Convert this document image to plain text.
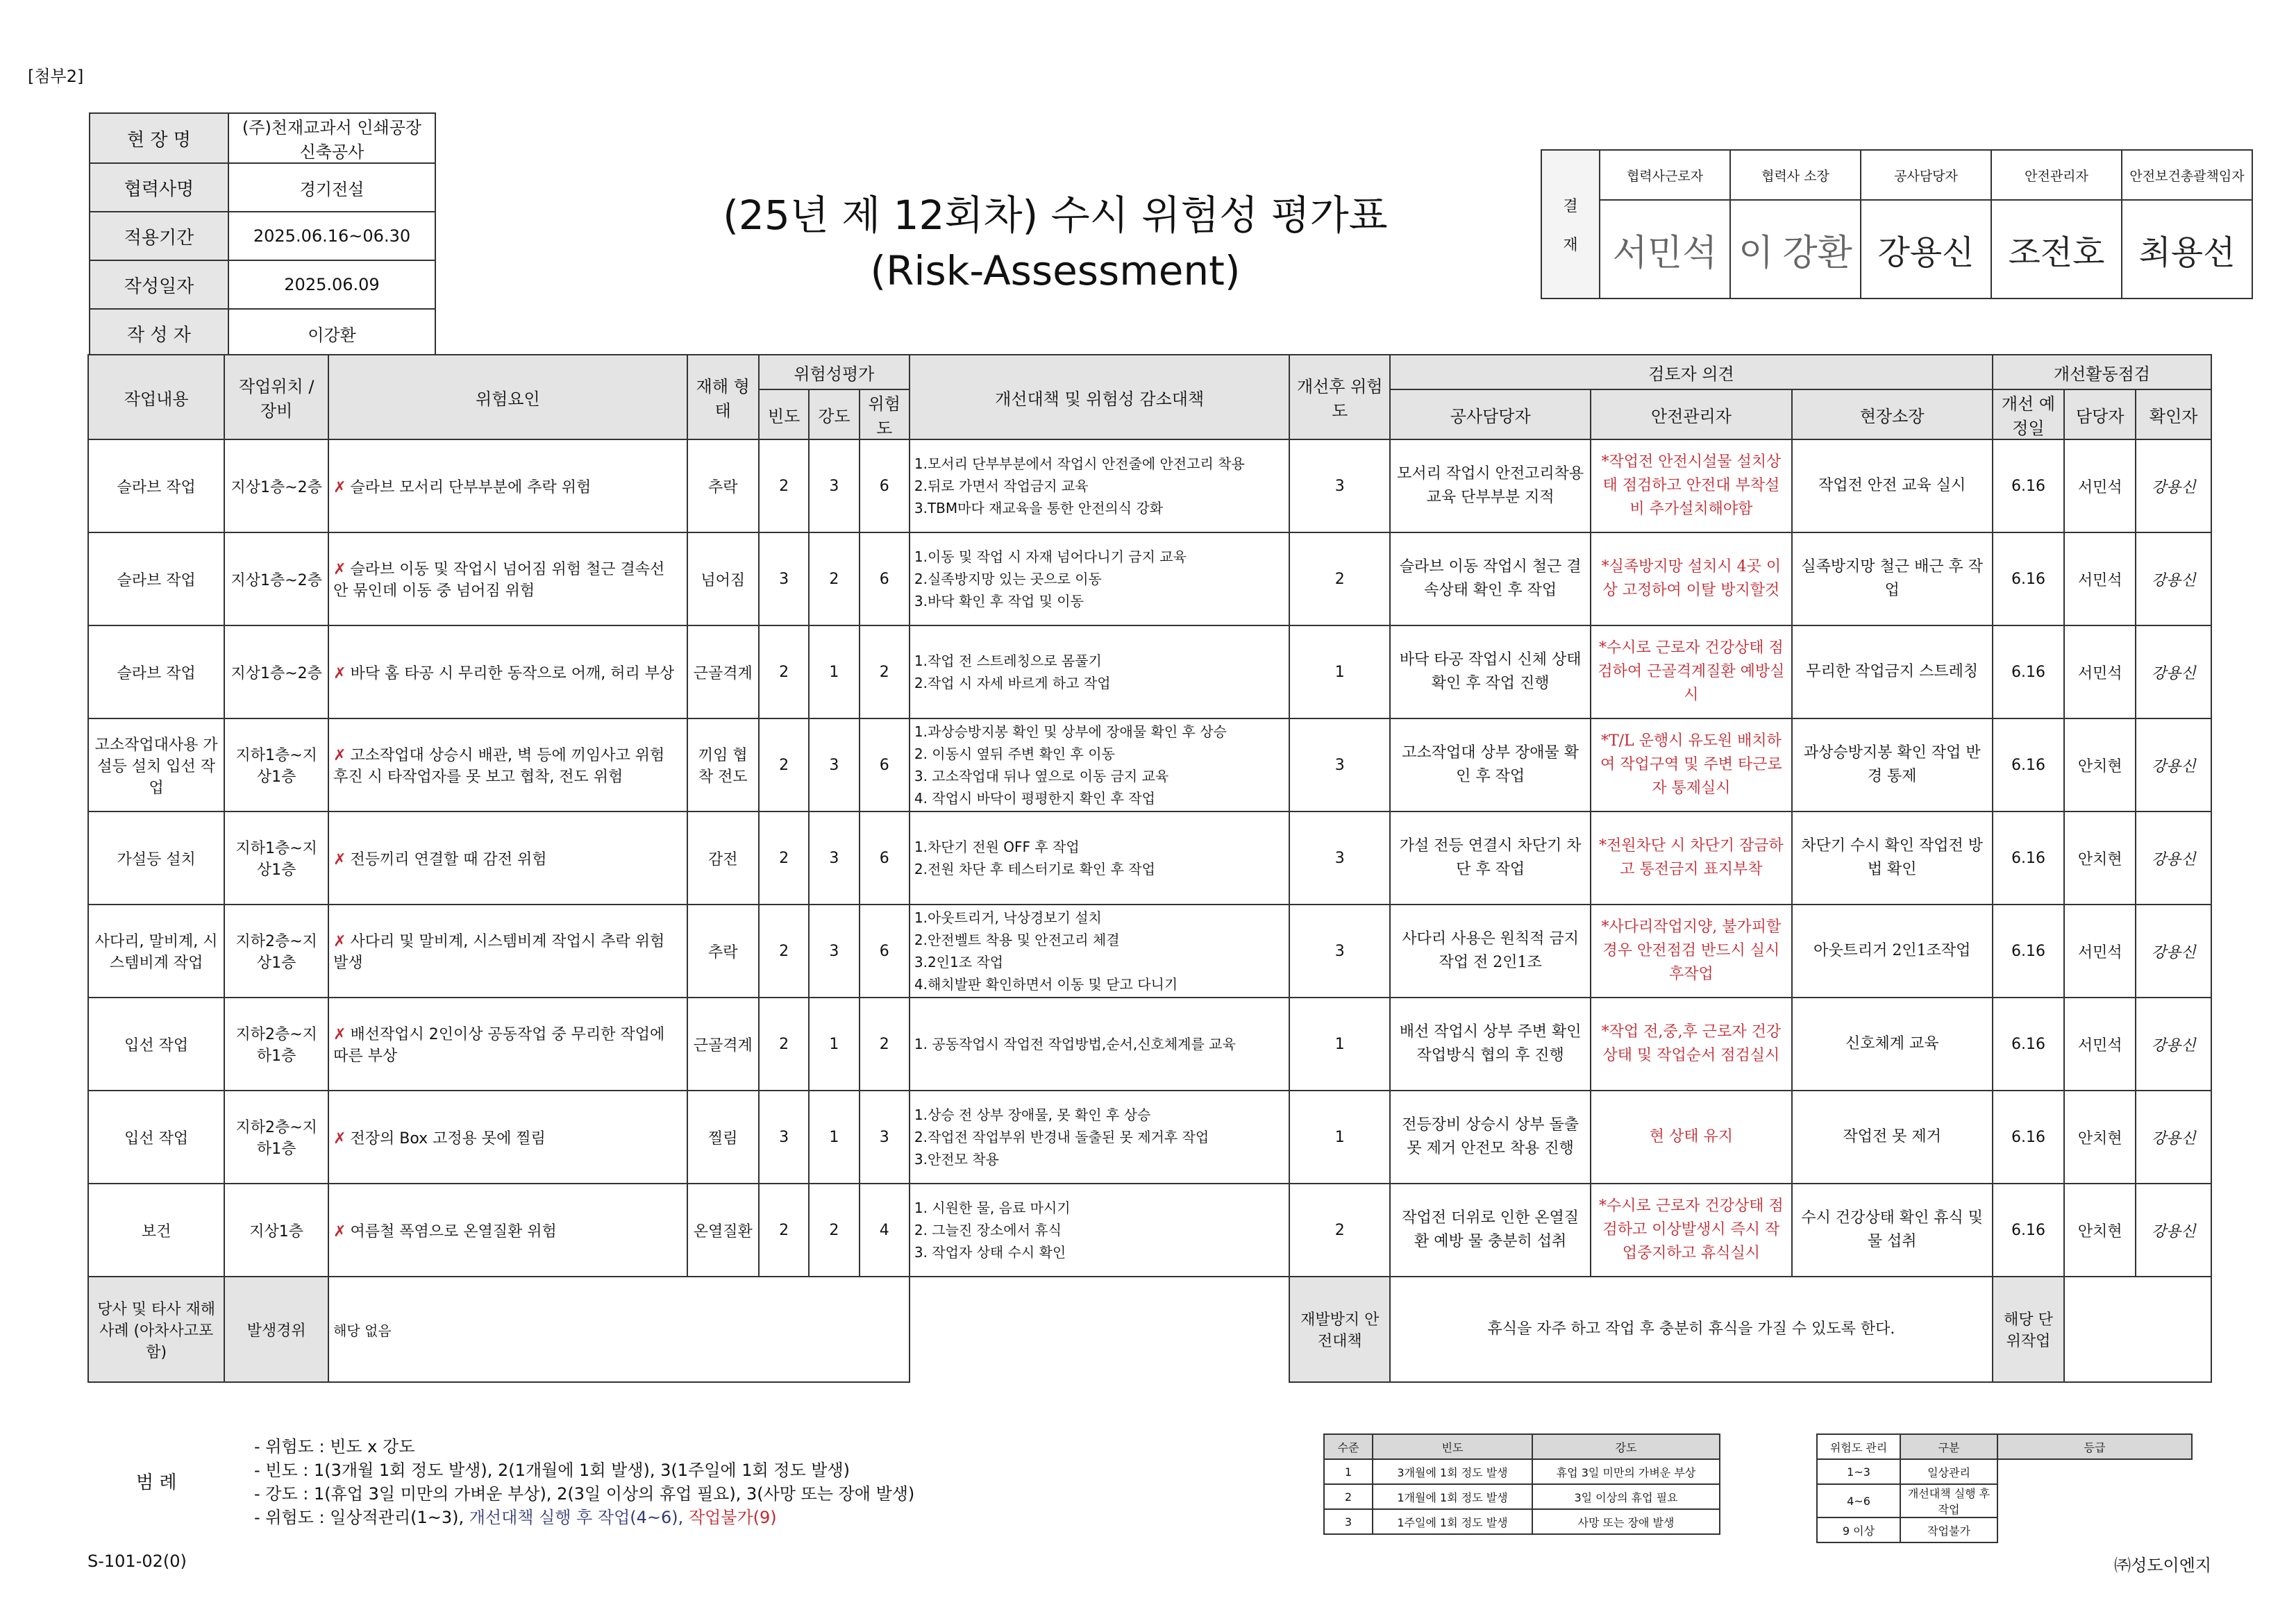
[첨부2]
현 장 명	(주)천재교과서 인쇄공장 신축공사
협력사명	경기전설
적용기간	2025.06.16~06.30
작성일자	2025.06.09
작 성 자	이강환
(25년 제 12회차) 수시 위험성 평가표
(Risk-Assessment)
결

재	협력사근로자	협력사 소장	공사담당자	안전관리자	안전보건총괄책임자
	서민석	이 강환	강용신	조전호	최용선
작업내용	작업위치 / 장비	위험요인	재해 형태	위험성평가			개선대책 및 위험성 감소대책	개선후 위험도	검토자 의견			개선활동점검		
				빈도	강도	위험도			공사담당자	안전관리자	현장소장	개선 예정일	담당자	확인자
슬라브 작업	지상1층~2층	✗ 슬라브 모서리 단부부분에 추락 위험	추락	2	3	6	1.모서리 단부부분에서 작업시 안전줄에 안전고리 착용
2.뒤로 가면서 작업금지 교육
3.TBM마다 재교육을 통한 안전의식 강화	3	모서리 작업시 안전고리착용 교육 단부부분 지적	*작업전 안전시설물 설치상태 점검하고 안전대 부착설비 추가설치해야함	작업전 안전 교육 실시	6.16	서민석	강용신
슬라브 작업	지상1층~2층	✗ 슬라브 이동 및 작업시 넘어짐 위험 철근 결속선 안 묶인데 이동 중 넘어짐 위험	넘어짐	3	2	6	1.이동 및 작업 시 자재 넘어다니기 금지 교육
2.실족방지망 있는 곳으로 이동
3.바닥 확인 후 작업 및 이동	2	슬라브 이동 작업시 철근 결속상태 확인 후 작업	*실족방지망 설치시 4곳 이상 고정하여 이탈 방지할것	실족방지망 철근 배근 후 작업	6.16	서민석	강용신
슬라브 작업	지상1층~2층	✗ 바닥 홈 타공 시 무리한 동작으로 어깨, 허리 부상	근골격계	2	1	2	1.작업 전 스트레칭으로 몸풀기
2.작업 시 자세 바르게 하고 작업	1	바닥 타공 작업시 신체 상태 확인 후 작업 진행	*수시로 근로자 건강상태 점검하여 근골격계질환 예방실시	무리한 작업금지 스트레칭	6.16	서민석	강용신
고소작업대사용 가설등 설치 입선 작업	지하1층~지상1층	✗ 고소작업대 상승시 배관, 벽 등에 끼임사고 위험 후진 시 타작업자를 못 보고 협착, 전도 위험	끼임 협착 전도	2	3	6	1.과상승방지봉 확인 및 상부에 장애물 확인 후 상승
2. 이동시 옆뒤 주변 확인 후 이동
3. 고소작업대 뒤나 옆으로 이동 금지 교육
4. 작업시 바닥이 평평한지 확인 후 작업	3	고소작업대 상부 장애물 확인 후 작업	*T/L 운행시 유도원 배치하여 작업구역 및 주변 타근로자 통제실시	과상승방지봉 확인 작업 반경 통제	6.16	안치현	강용신
가설등 설치	지하1층~지상1층	✗ 전등끼리 연결할 때 감전 위험	감전	2	3	6	1.차단기 전원 OFF 후 작업
2.전원 차단 후 테스터기로 확인 후 작업	3	가설 전등 연결시 차단기 차단 후 작업	*전원차단 시 차단기 잠금하고 통전금지 표지부착	차단기 수시 확인 작업전 방법 확인	6.16	안치현	강용신
사다리, 말비계, 시스템비계 작업	지하2층~지상1층	✗ 사다리 및 말비계, 시스템비계 작업시 추락 위험 발생	추락	2	3	6	1.아웃트리거, 낙상경보기 설치
2.안전벨트 착용 및 안전고리 체결
3.2인1조 작업
4.해치발판 확인하면서 이동 및 닫고 다니기	3	사다리 사용은 원칙적 금지 작업 전 2인1조	*사다리작업지양, 불가피할 경우 안전점검 반드시 실시후작업	아웃트리거 2인1조작업	6.16	서민석	강용신
입선 작업	지하2층~지하1층	✗ 배선작업시 2인이상 공동작업 중 무리한 작업에 따른 부상	근골격계	2	1	2	1. 공동작업시 작업전 작업방법,순서,신호체계를 교육	1	배선 작업시 상부 주변 확인 작업방식 협의 후 진행	*작업 전,중,후 근로자 건강상태 및 작업순서 점검실시	신호체계 교육	6.16	서민석	강용신
입선 작업	지하2층~지하1층	✗ 전장의 Box 고정용 못에 찔림	찔림	3	1	3	1.상승 전 상부 장애물, 못 확인 후 상승
2.작업전 작업부위 반경내 돌출된 못 제거후 작업
3.안전모 착용	1	전등장비 상승시 상부 돌출 못 제거 안전모 착용 진행	현 상태 유지	작업전 못 제거	6.16	안치현	강용신
보건	지상1층	✗ 여름철 폭염으로 온열질환 위험	온열질환	2	2	4	1. 시원한 물, 음료 마시기
2. 그늘진 장소에서 휴식
3. 작업자 상태 수시 확인	2	작업전 더위로 인한 온열질환 예방 물 충분히 섭취	*수시로 근로자 건강상태 점검하고 이상발생시 즉시 작업중지하고 휴식실시	수시 건강상태 확인 휴식 및 물 섭취	6.16	안치현	강용신
당사 및 타사 재해사례 (아차사고포함)	발생경위	해당 없음						재발방지 안전대책	휴식을 자주 하고 작업 후 충분히 휴식을 가질 수 있도록 한다.			해당 단위작업		
범 례
- 위험도 : 빈도 x 강도
- 빈도 : 1(3개월 1회 정도 발생), 2(1개월에 1회 발생), 3(1주일에 1회 정도 발생)
- 강도 : 1(휴업 3일 미만의 가벼운 부상), 2(3일 이상의 휴업 필요), 3(사망 또는 장애 발생)
- 위험도 : 일상적관리(1~3), 개선대책 실행 후 작업(4~6), 작업불가(9)
수준	빈도	강도
1	3개월에 1회 정도 발생	휴업 3일 미만의 가벼운 부상
2	1개월에 1회 정도 발생	3일 이상의 휴업 필요
3	1주일에 1회 정도 발생	사망 또는 장애 발생
위험도 관리	구분	등급
1~3	일상관리	
4~6	개선대책 실행 후 작업	
9 이상	작업불가	
S-101-02(0)	㈜성도이엔지
